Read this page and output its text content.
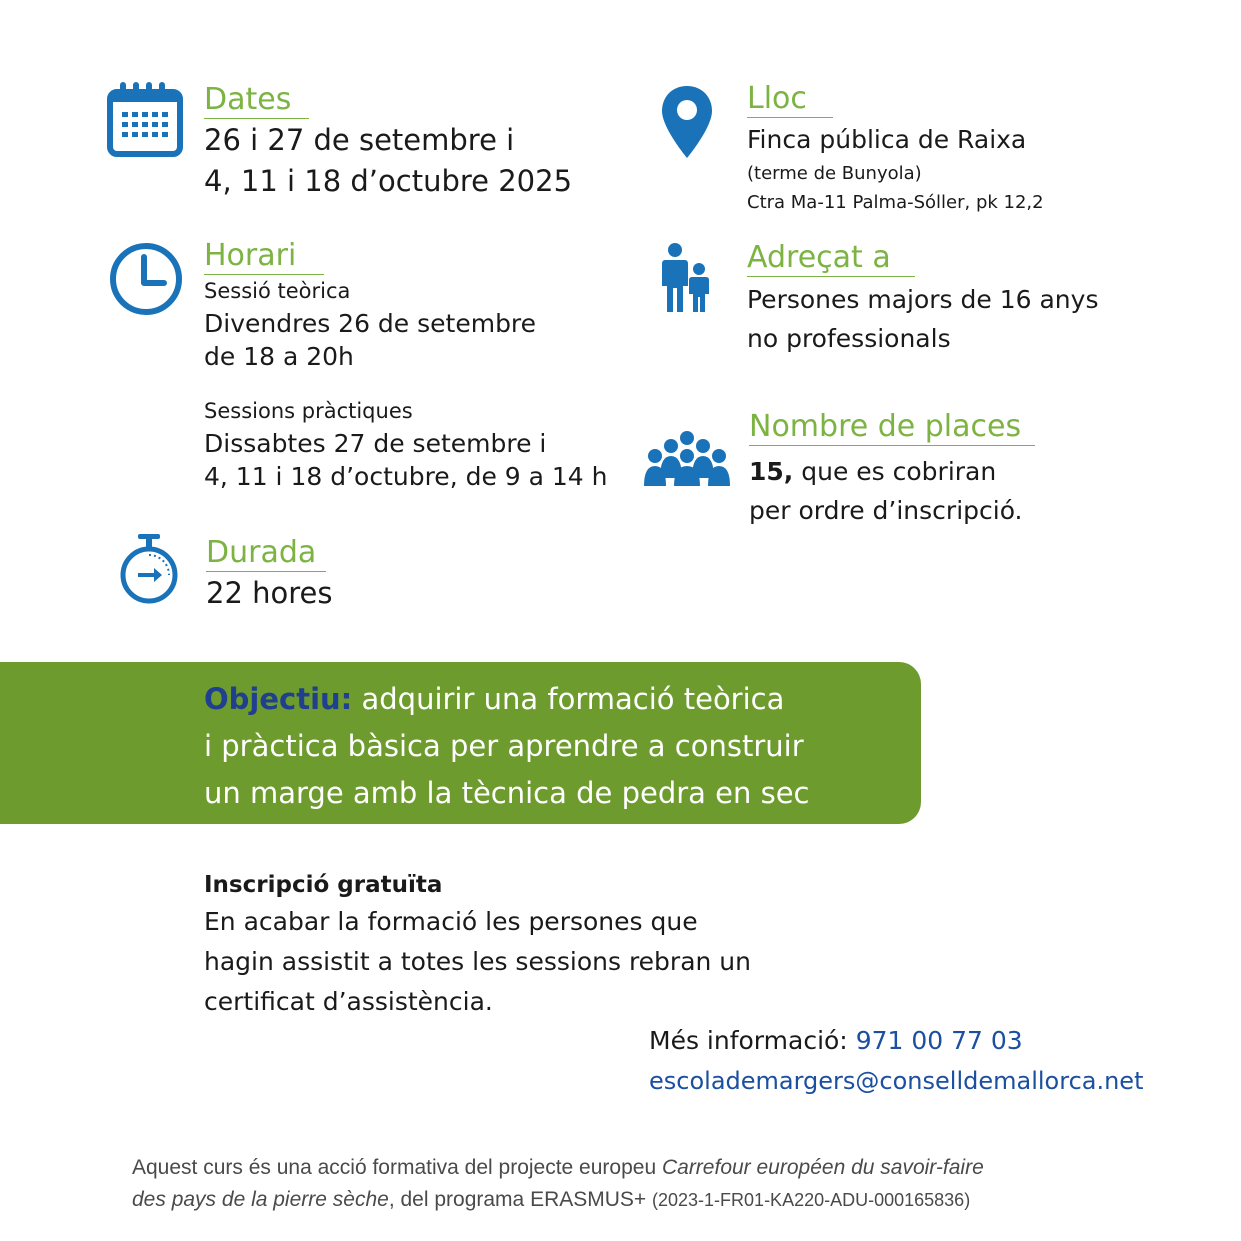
Dates
26 i 27 de setembre i
4, 11 i 18 d’octubre 2025
Lloc
Finca pública de Raixa
(terme de Bunyola)
Ctra Ma-11 Palma-Sóller, pk 12,2
Horari
Sessió teòrica
Divendres 26 de setembre
de 18 a 20h
Sessions pràctiques
Dissabtes 27 de setembre i
4, 11 i 18 d’octubre, de 9 a 14 h
Adreçat a
Persones majors de 16 anys
no professionals
Nombre de places
15, que es cobriran
per ordre d’inscripció.
Durada
22 hores
Objectiu: adquirir una formació teòrica
i pràctica bàsica per aprendre a construir
un marge amb la tècnica de pedra en sec
Inscripció gratuïta
En acabar la formació les persones que
hagin assistit a totes les sessions rebran un
certificat d’assistència.
Més informació: 971 00 77 03
escolademargers@conselldemallorca.net
Aquest curs és una acció formativa del projecte europeu Carrefour européen du savoir-faire
des pays de la pierre sèche, del programa ERASMUS+ (2023-1-FR01-KA220-ADU-000165836)
